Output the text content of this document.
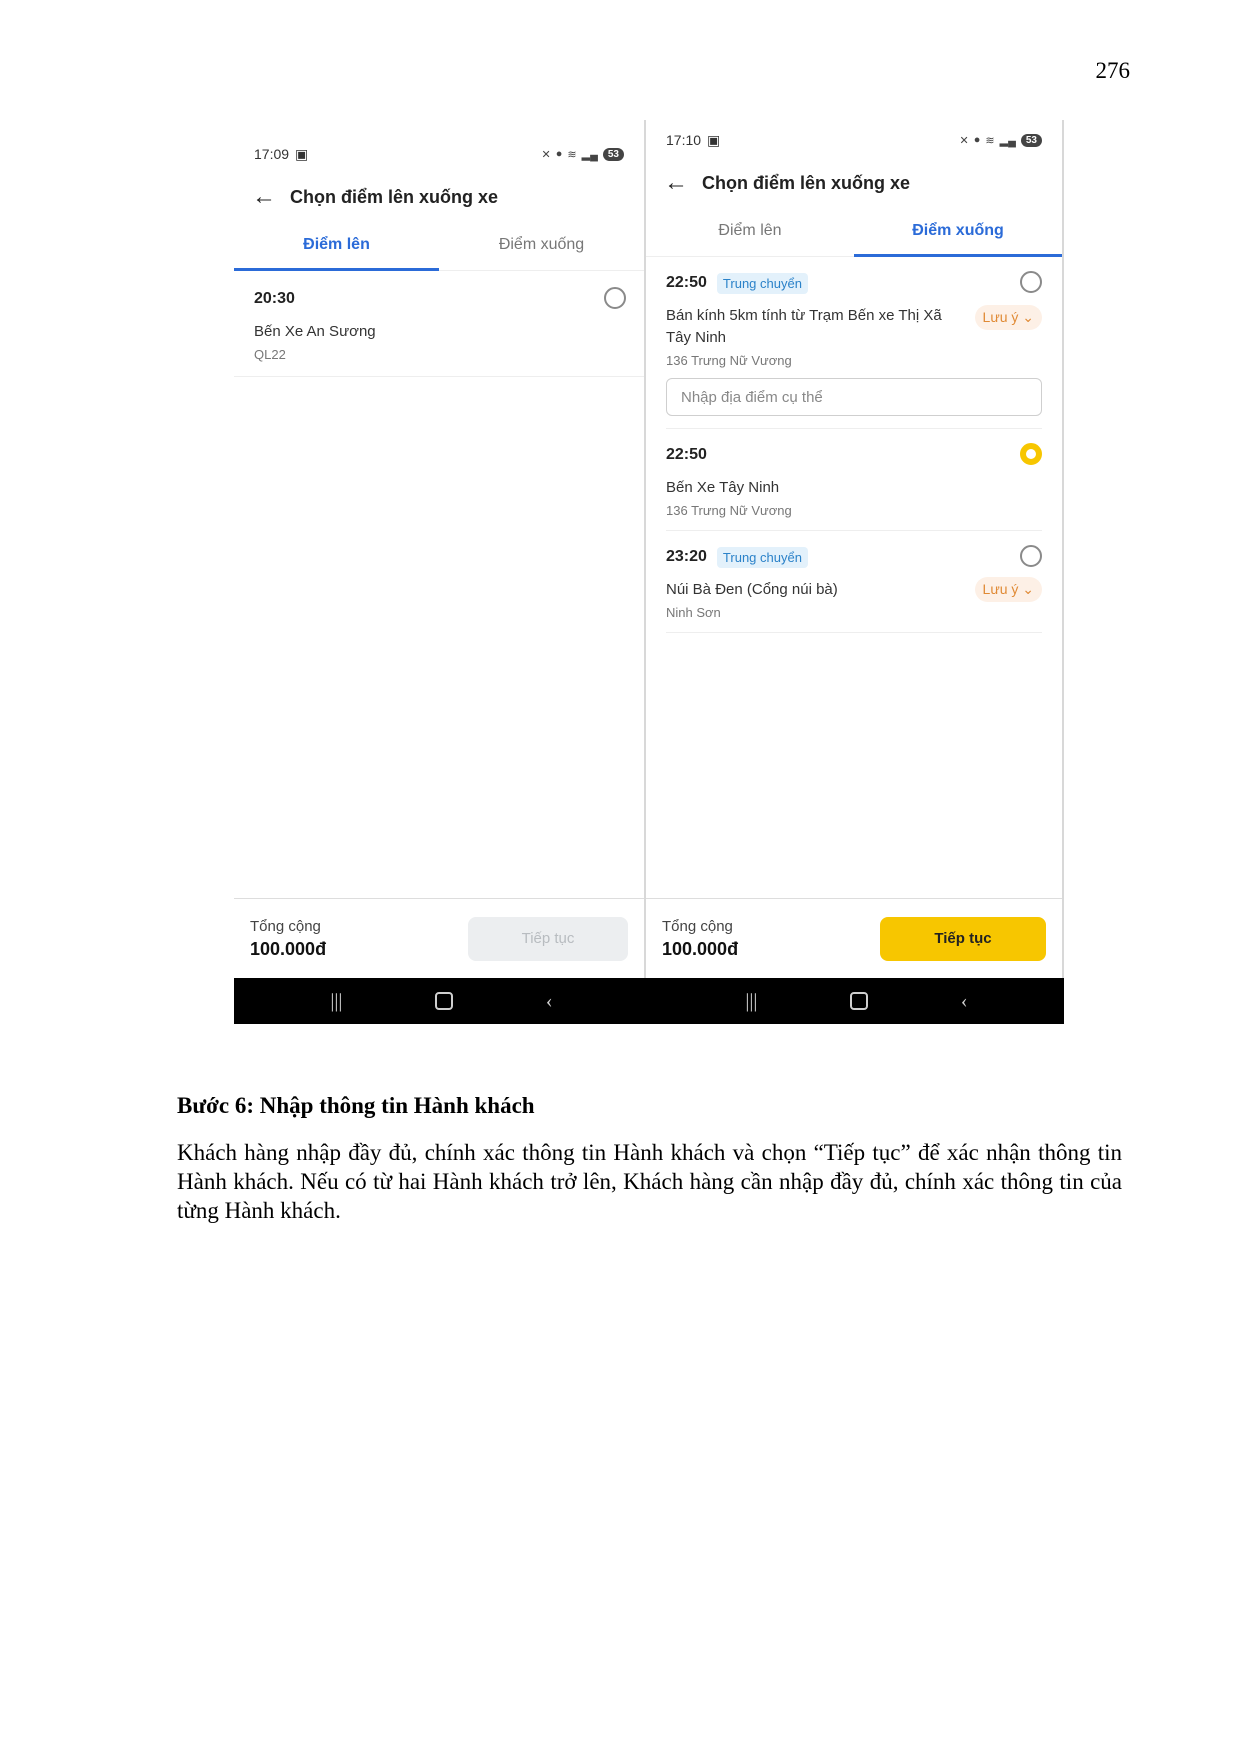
276
17:09 ▣	✕ ● ≋ ▂▄	53
← Chọn điểm lên xuống xe
Điểm lên	Điểm xuống
20:30
Bến Xe An Sương
QL22
Tổng cộng
100.000đ	Tiếp tục
17:10 ▣	✕ ● ≋ ▂▄	53
← Chọn điểm lên xuống xe
Điểm lên	Điểm xuống
22:50	Trung chuyển
Bán kính 5km tính từ Trạm Bến xe Thị Xã Tây Ninh
Lưu ý ⌄
136 Trưng Nữ Vương
Nhập địa điểm cụ thể
22:50
Bến Xe Tây Ninh
136 Trưng Nữ Vương
23:20	Trung chuyển
Núi Bà Đen (Cổng núi bà)	Lưu ý ⌄
Ninh Sơn
Tổng cộng
100.000đ	Tiếp tục
|||	‹	|||	‹
Bước 6: Nhập thông tin Hành khách
Khách hàng nhập đầy đủ, chính xác thông tin Hành khách và chọn “Tiếp tục” để xác nhận thông tin Hành khách. Nếu có từ hai Hành khách trở lên, Khách hàng cần nhập đầy đủ, chính xác thông tin của từng Hành khách.
